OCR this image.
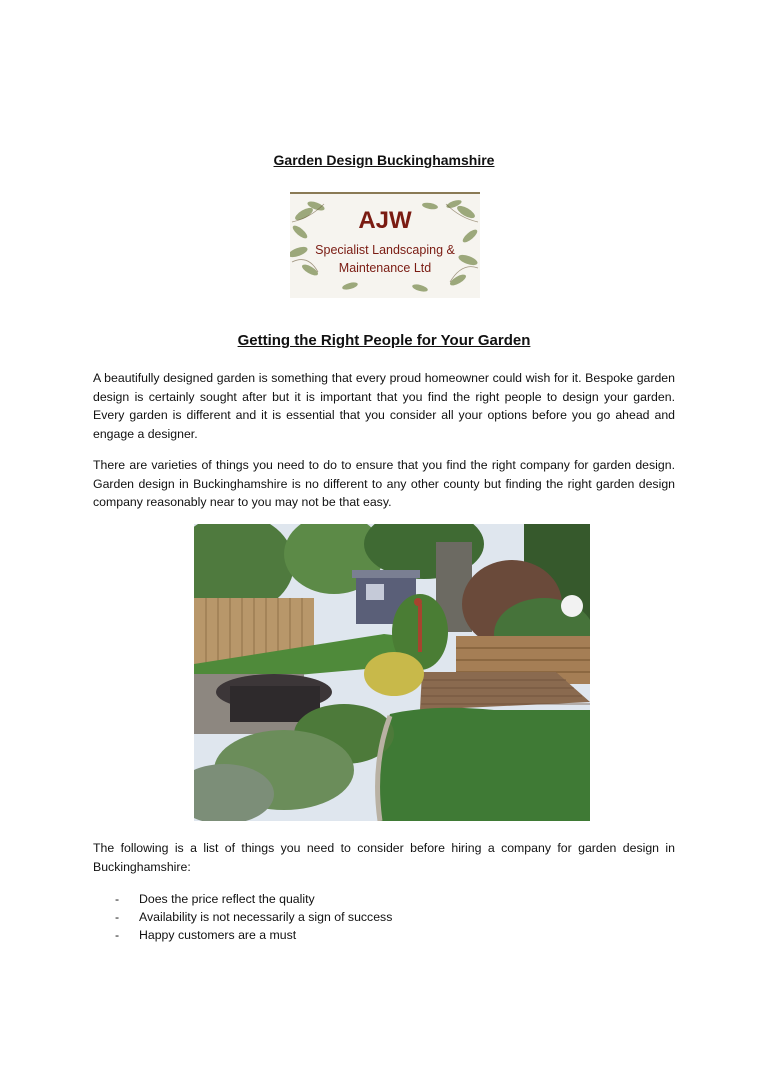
Garden Design Buckinghamshire
AJW
Specialist Landscaping &
Maintenance Ltd
Getting the Right People for Your Garden

A beautifully designed garden is something that every proud homeowner could wish for it. Bespoke garden design is certainly sought after but it is important that you find the right people to design your garden. Every garden is different and it is essential that you consider all your options before you go ahead and engage a designer.

There are varieties of things you need to do to ensure that you find the right company for garden design. Garden design in Buckinghamshire is no different to any other county but finding the right garden design company reasonably near to you may not be that easy.

The following is a list of things you need to consider before hiring a company for garden design in Buckinghamshire:

- Does the price reflect the quality
- Availability is not necessarily a sign of success
- Happy customers are a must
